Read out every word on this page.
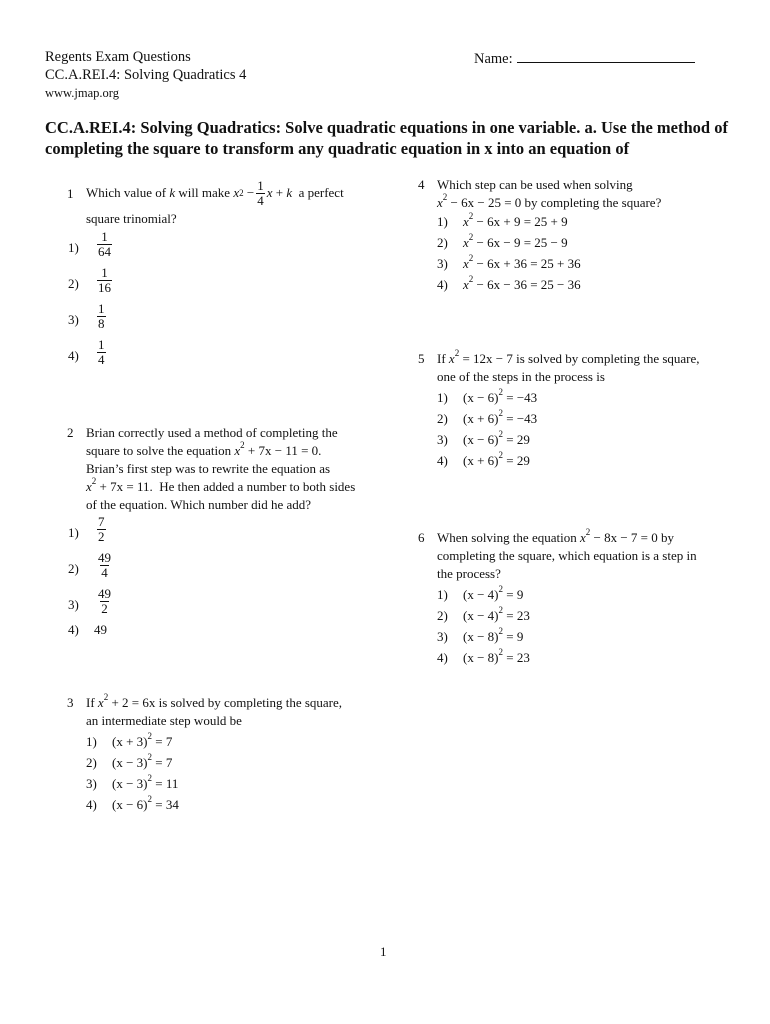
Regents Exam Questions
CC.A.REI.4: Solving Quadratics 4
www.jmap.org
Name:
CC.A.REI.4: Solving Quadratics: Solve quadratic equations in one variable. a. Use the method of completing the square to transform any quadratic equation in x into an equation of
1 Which value of
k
will make
x $2 - \frac{1}{4}$ x + k
a perfect
square trinomial?
$1) \frac{1}{64}$
$2) \frac{1}{16}$
$3) \frac{1}{8}$
$4) \frac{1}{4}$
2 Brian correctly used a method of completing the
square to solve the equation $x^2 + 7x - 11 = 0$.
Brian’s first step was to rewrite the equation as
$x^2 + 7x = 11$. He then added a number to both sides
of the equation. Which number did he add?
$1) \frac{7}{2}$
$2) \frac{49}{4}$
$3) \frac{49}{2}$
4) 49
3 If $x^2 + 2 = 6x$ is solved by completing the square,
an intermediate step would be
1) $(x + 3)^2 = 7$
2) $(x - 3)^2 = 7$
3) $(x - 3)^2 = 11$
4) $(x - 6)^2 = 34$
4 Which step can be used when solving
$x^2 - 6x - 25 = 0$ by completing the square?
1) $x^2 - 6x + 9 = 25 + 9$
2) $x^2 - 6x - 9 = 25 - 9$
3) $x^2 - 6x + 36 = 25 + 36$
4) $x^2 - 6x - 36 = 25 - 36$
5 If $x^2 = 12x - 7$ is solved by completing the square,
one of the steps in the process is
1) $(x - 6)^2 = -43$
2) $(x + 6)^2 = -43$
3) $(x - 6)^2 = 29$
4) $(x + 6)^2 = 29$
6 When solving the equation $x^2 - 8x - 7 = 0$ by
completing the square, which equation is a step in
the process?
1) $(x - 4)^2 = 9$
2) $(x - 4)^2 = 23$
3) $(x - 8)^2 = 9$
4) $(x - 8)^2 = 23$
1
